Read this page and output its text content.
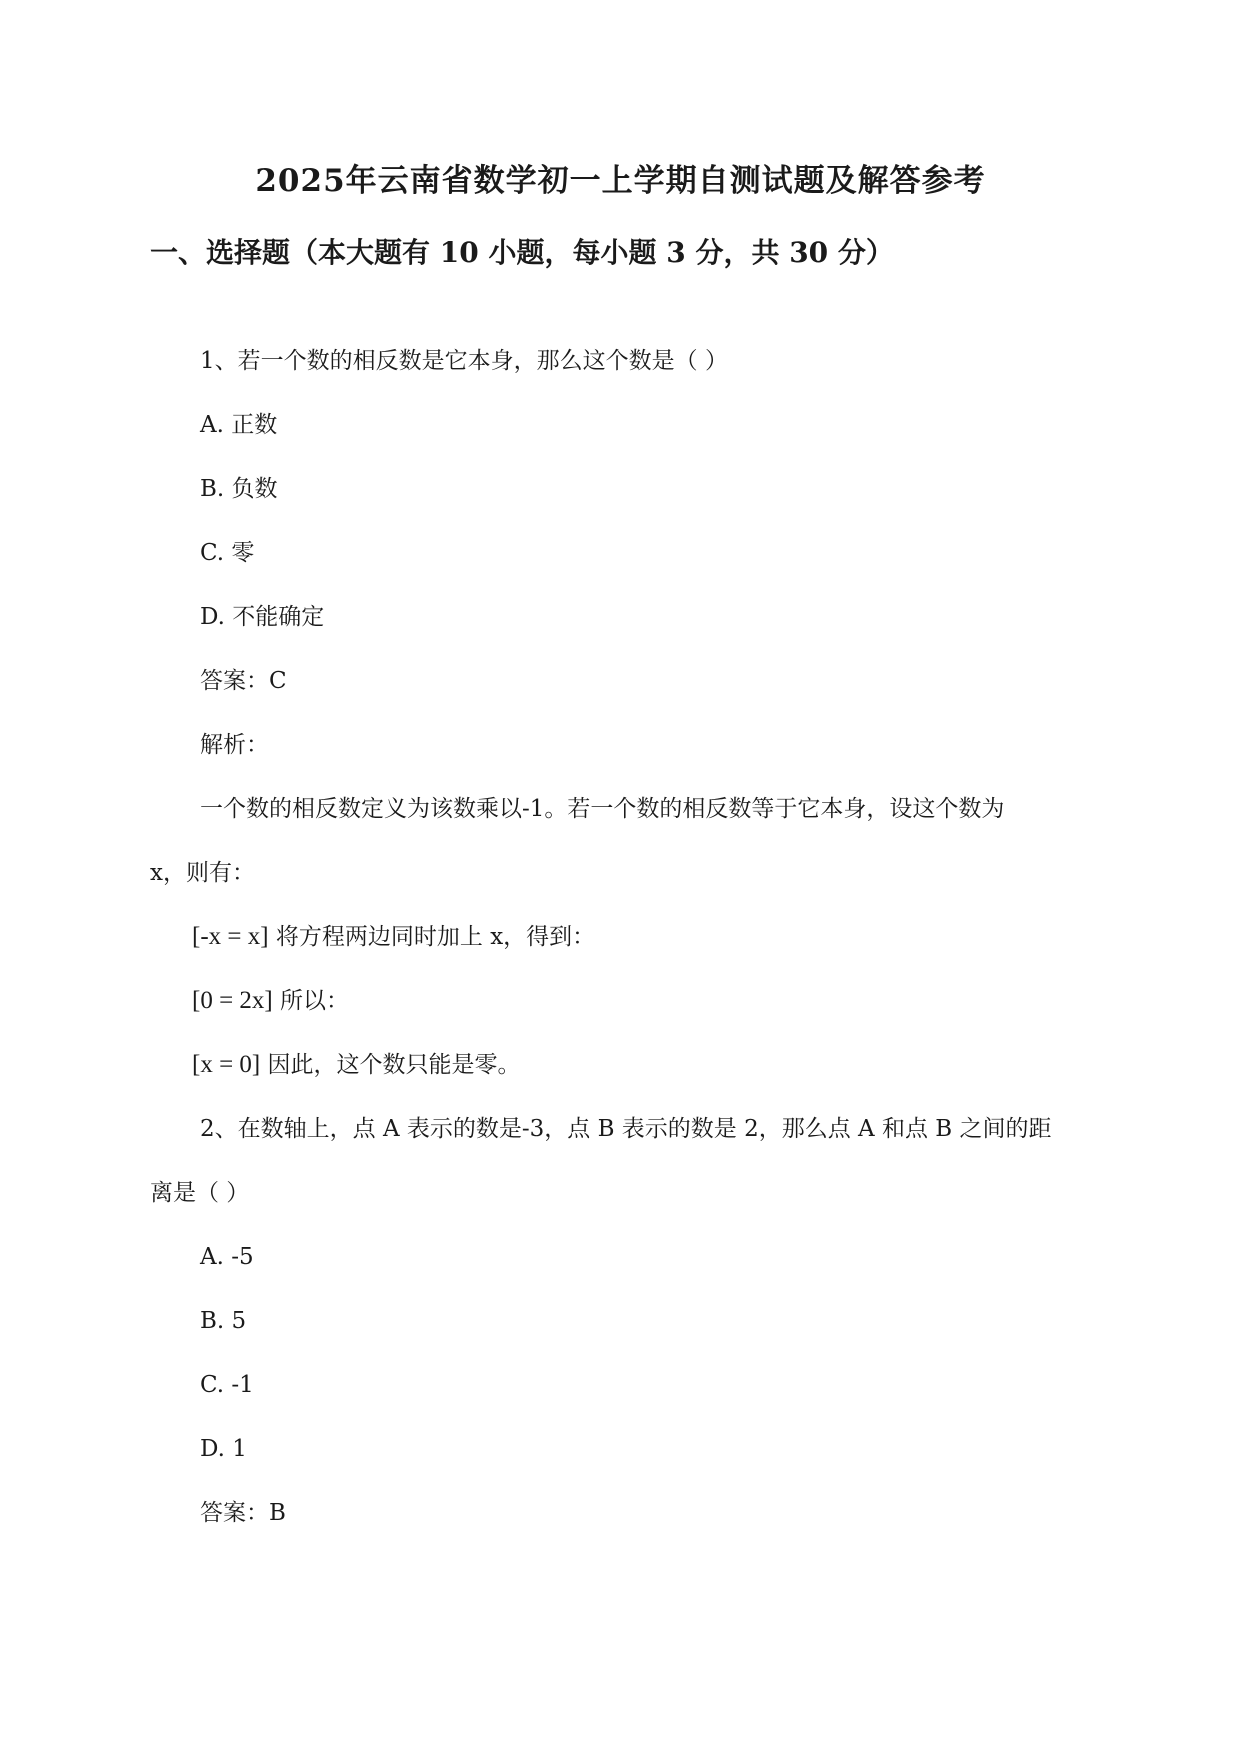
2025年云南省数学初一上学期自测试题及解答参考
一、选择题（本大题有 10 小题，每小题 3 分，共 30 分）
1、若一个数的相反数是它本身，那么这个数是（ ）
A. 正数
B. 负数
C. 零
D. 不能确定
答案：C
解析：
一个数的相反数定义为该数乘以-1。若一个数的相反数等于它本身，设这个数为
x，则有：
[-x = x] 将方程两边同时加上 x，得到：
[0 = 2x] 所以：
[x = 0] 因此，这个数只能是零。
2、在数轴上，点 A 表示的数是-3，点 B 表示的数是 2，那么点 A 和点 B 之间的距
离是（ ）
A. -5
B. 5
C. -1
D. 1
答案：B
